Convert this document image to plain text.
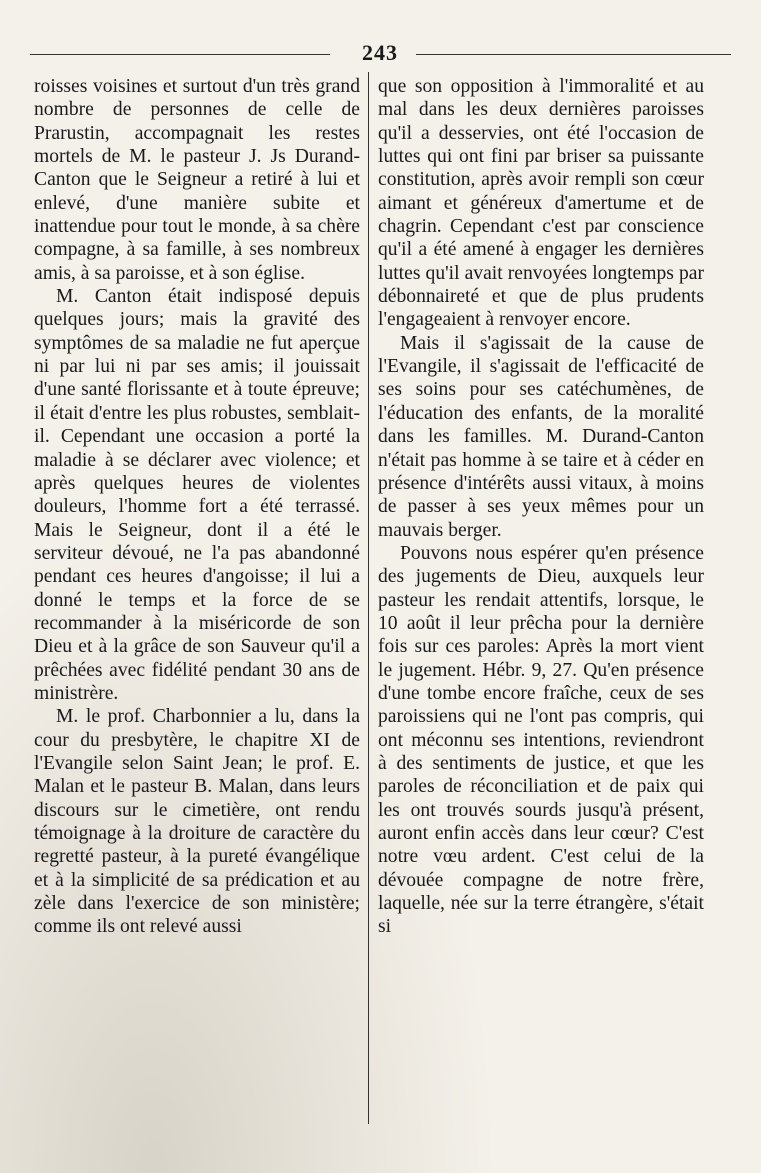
243

roisses voisines et surtout d'un très grand nombre de personnes de celle de Prarustin, accompagnait les restes mortels de M. le pasteur J. Js Durand-Canton que le Seigneur a retiré à lui et enlevé, d'une manière subite et inattendue pour tout le monde, à sa chère compagne, à sa famille, à ses nombreux amis, à sa paroisse, et à son église.

M. Canton était indisposé depuis quelques jours; mais la gravité des symptômes de sa maladie ne fut aperçue ni par lui ni par ses amis; il jouissait d'une santé florissante et à toute épreuve; il était d'entre les plus robustes, semblait-il. Cependant une occasion a porté la maladie à se déclarer avec violence; et après quelques heures de violentes douleurs, l'homme fort a été terrassé. Mais le Seigneur, dont il a été le serviteur dévoué, ne l'a pas abandonné pendant ces heures d'angoisse; il lui a donné le temps et la force de se recommander à la miséricorde de son Dieu et à la grâce de son Sauveur qu'il a prêchées avec fidélité pendant 30 ans de ministrère.

M. le prof. Charbonnier a lu, dans la cour du presbytère, le chapitre XI de l'Evangile selon Saint Jean; le prof. E. Malan et le pasteur B. Malan, dans leurs discours sur le cimetière, ont rendu témoignage à la droiture de caractère du regretté pasteur, à la pureté évangélique et à la simplicité de sa prédication et au zèle dans l'exercice de son ministère; comme ils ont relevé aussi

que son opposition à l'immoralité et au mal dans les deux dernières paroisses qu'il a desservies, ont été l'occasion de luttes qui ont fini par briser sa puissante constitution, après avoir rempli son cœur aimant et généreux d'amertume et de chagrin. Cependant c'est par conscience qu'il a été amené à engager les dernières luttes qu'il avait renvoyées longtemps par débonnaireté et que de plus prudents l'engageaient à renvoyer encore.

Mais il s'agissait de la cause de l'Evangile, il s'agissait de l'efficacité de ses soins pour ses catéchumènes, de l'éducation des enfants, de la moralité dans les familles. M. Durand-Canton n'était pas homme à se taire et à céder en présence d'intérêts aussi vitaux, à moins de passer à ses yeux mêmes pour un mauvais berger.

Pouvons nous espérer qu'en présence des jugements de Dieu, auxquels leur pasteur les rendait attentifs, lorsque, le 10 août il leur prêcha pour la dernière fois sur ces paroles: Après la mort vient le jugement. Hébr. 9, 27. Qu'en présence d'une tombe encore fraîche, ceux de ses paroissiens qui ne l'ont pas compris, qui ont méconnu ses intentions, reviendront à des sentiments de justice, et que les paroles de réconciliation et de paix qui les ont trouvés sourds jusqu'à présent, auront enfin accès dans leur cœur? C'est notre vœu ardent. C'est celui de la dévouée compagne de notre frère, laquelle, née sur la terre étrangère, s'était si
